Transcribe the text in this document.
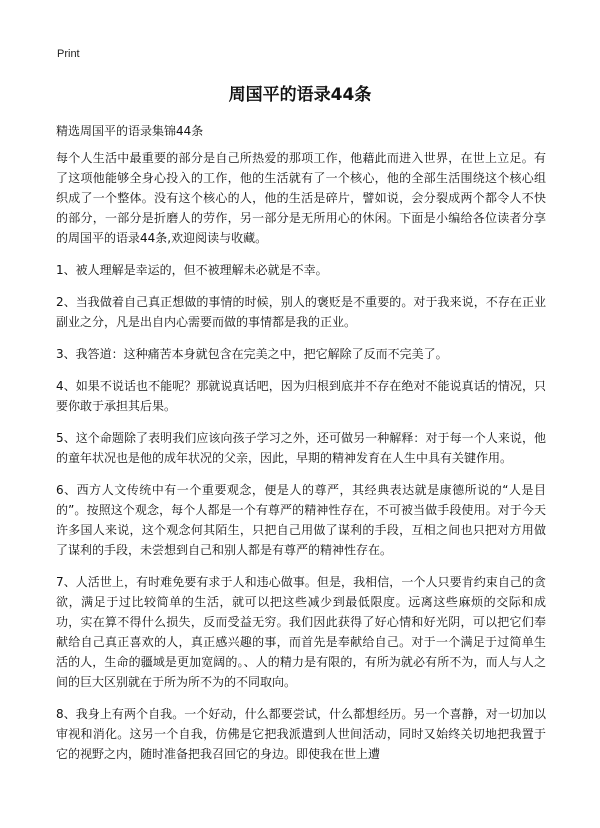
Print
周国平的语录44条

精选周国平的语录集锦44条

每个人生活中最重要的部分是自己所热爱的那项工作，他藉此而进入世界，在世上立足。有了这项他能够全身心投入的工作，他的生活就有了一个核心，他的全部生活围绕这个核心组织成了一个整体。没有这个核心的人，他的生活是碎片，譬如说，会分裂成两个都令人不快的部分，一部分是折磨人的劳作，另一部分是无所用心的休闲。下面是小编给各位读者分享的周国平的语录44条,欢迎阅读与收藏。

1、被人理解是幸运的，但不被理解未必就是不幸。

2、当我做着自己真正想做的事情的时候，别人的褒贬是不重要的。对于我来说，不存在正业副业之分，凡是出自内心需要而做的事情都是我的正业。

3、我答道：这种痛苦本身就包含在完美之中，把它解除了反而不完美了。

4、如果不说话也不能呢？那就说真话吧，因为归根到底并不存在绝对不能说真话的情况，只要你敢于承担其后果。

5、这个命题除了表明我们应该向孩子学习之外，还可做另一种解释：对于每一个人来说，他的童年状况也是他的成年状况的父亲，因此，早期的精神发育在人生中具有关键作用。

6、西方人文传统中有一个重要观念，便是人的尊严，其经典表达就是康德所说的“人是目的”。按照这个观念，每个人都是一个有尊严的精神性存在，不可被当做手段使用。对于今天许多国人来说，这个观念何其陌生，只把自己用做了谋利的手段，互相之间也只把对方用做了谋利的手段，未尝想到自己和别人都是有尊严的精神性存在。

7、人活世上，有时难免要有求于人和违心做事。但是，我相信，一个人只要肯约束自己的贪欲，满足于过比较简单的生活，就可以把这些减少到最低限度。远离这些麻烦的交际和成功，实在算不得什么损失，反而受益无穷。我们因此获得了好心情和好光阴，可以把它们奉献给自己真正喜欢的人，真正感兴趣的事，而首先是奉献给自己。对于一个满足于过简单生活的人，生命的疆域是更加宽阔的。、人的精力是有限的，有所为就必有所不为，而人与人之间的巨大区别就在于所为所不为的不同取向。

8、我身上有两个自我。一个好动，什么都要尝试，什么都想经历。另一个喜静，对一切加以审视和消化。这另一个自我，仿佛是它把我派遣到人世间活动，同时又始终关切地把我置于它的视野之内，随时准备把我召回它的身边。即使我在世上遭
